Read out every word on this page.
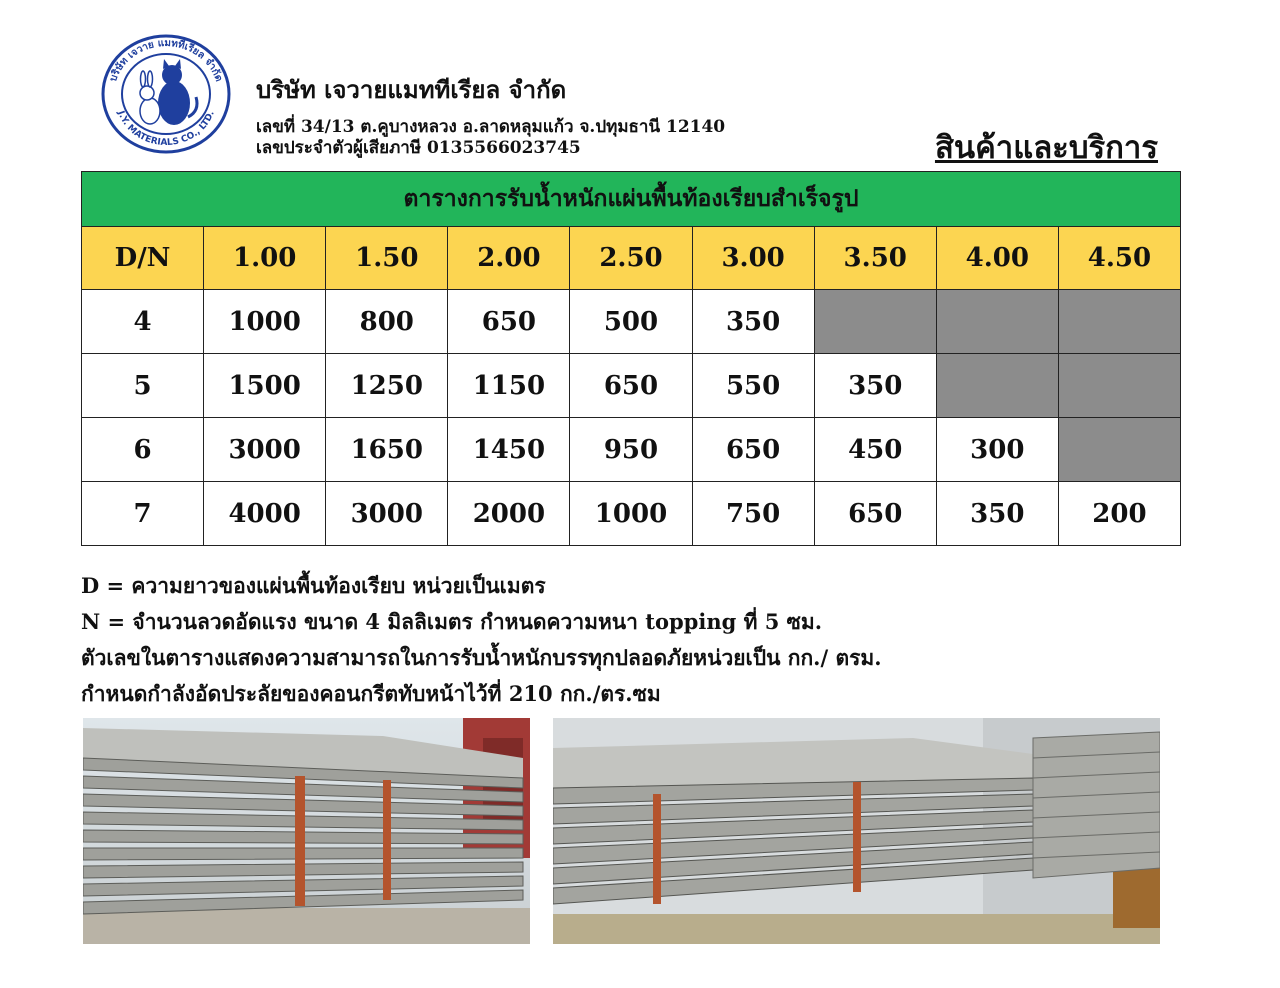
บริษัท เจวาย แมททีเรียล จำกัด
J.Y. MATERIALS CO., LTD.
บริษัท เจวายแมททีเรียล จำกัด
เลขที่ 34/13 ต.คูบางหลวง อ.ลาดหลุมแก้ว จ.ปทุมธานี 12140
เลขประจำตัวผู้เสียภาษี 0135566023745	สินค้าและบริการ
ตารางการรับน้ำหนักแผ่นพื้นท้องเรียบสำเร็จรูป								
D/N	1.00	1.50	2.00	2.50	3.00	3.50	4.00	4.50
4	1000	800	650	500	350			
5	1500	1250	1150	650	550	350		
6	3000	1650	1450	950	650	450	300	
7	4000	3000	2000	1000	750	650	350	200
D = ความยาวของแผ่นพื้นท้องเรียบ หน่วยเป็นเมตร
N = จำนวนลวดอัดแรง ขนาด 4 มิลลิเมตร กำหนดความหนา topping ที่ 5 ซม.
ตัวเลขในตารางแสดงความสามารถในการรับน้ำหนักบรรทุกปลอดภัยหน่วยเป็น กก./ ตรม.
กำหนดกำลังอัดประลัยของคอนกรีตทับหน้าไว้ที่ 210 กก./ตร.ซม
